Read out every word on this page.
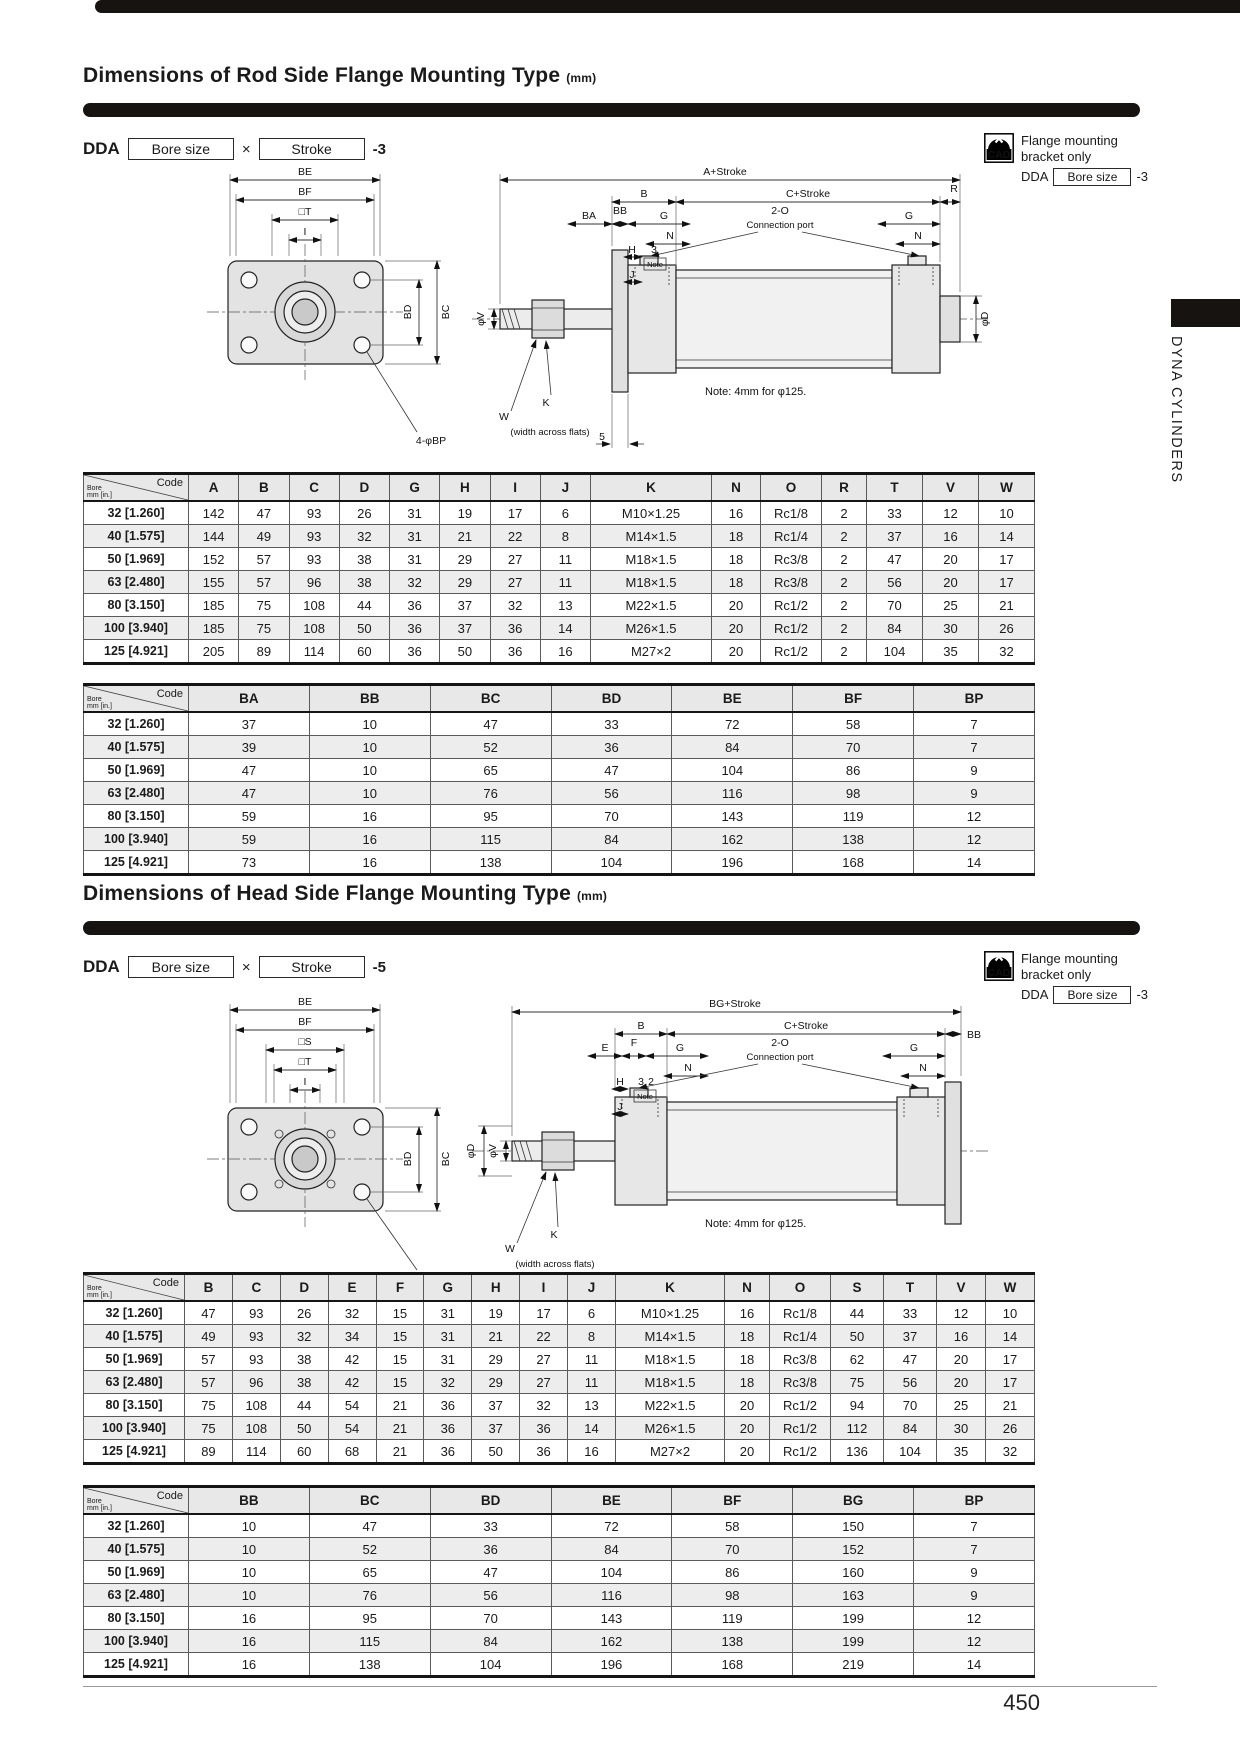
DYNA CYLINDERS
Dimensions of Rod Side Flange Mounting Type (mm)
DDA	Bore size	×	Stroke	-3	CAD
Flange mounting
bracket only
DDA	Bore size	-3
BE
BF
□T
I
BD BC
4-φBP
A+Stroke
B	C+Stroke	R
BA BB	G
N
G
N
2-O
Connection port
H 3
Note
J
φV	φD
K
W
(width across flats) 5
Note: 4mm for φ125.
Code
Bore
mm [in.]	A	B	C	D	G	H	I	J	K	N	O	R	T	V	W
32 [1.260]	142	47	93	26	31	19	17	6	M10×1.25	16	Rc1/8	2	33	12	10
40 [1.575]	144	49	93	32	31	21	22	8	M14×1.5	18	Rc1/4	2	37	16	14
50 [1.969]	152	57	93	38	31	29	27	11	M18×1.5	18	Rc3/8	2	47	20	17
63 [2.480]	155	57	96	38	32	29	27	11	M18×1.5	18	Rc3/8	2	56	20	17
80 [3.150]	185	75	108	44	36	37	32	13	M22×1.5	20	Rc1/2	2	70	25	21
100 [3.940]	185	75	108	50	36	37	36	14	M26×1.5	20	Rc1/2	2	84	30	26
125 [4.921]	205	89	114	60	36	50	36	16	M27×2	20	Rc1/2	2	104	35	32
Code
Bore
mm [in.]	BA	BB	BC	BD	BE	BF	BP
32 [1.260]	37	10	47	33	72	58	7
40 [1.575]	39	10	52	36	84	70	7
50 [1.969]	47	10	65	47	104	86	9
63 [2.480]	47	10	76	56	116	98	9
80 [3.150]	59	16	95	70	143	119	12
100 [3.940]	59	16	115	84	162	138	12
125 [4.921]	73	16	138	104	196	168	14
Dimensions of Head Side Flange Mounting Type (mm)
DDA	Bore size	×	Stroke	-5	CAD
Flange mounting
bracket only
DDA	Bore size	-3
BE
BF
□S
□T
I
BD BC
BG+Stroke
B	C+Stroke
BB
E F	G
N
G
N
2-O
Connection port
H 3 2
Note
J
φD φV
K
W
(width across flats)
Note: 4mm for φ125.
Code
Bore
mm [in.]	B	C	D	E	F	G	H	I	J	K	N	O	S	T	V	W
32 [1.260]	47	93	26	32	15	31	19	17	6	M10×1.25	16	Rc1/8	44	33	12	10
40 [1.575]	49	93	32	34	15	31	21	22	8	M14×1.5	18	Rc1/4	50	37	16	14
50 [1.969]	57	93	38	42	15	31	29	27	11	M18×1.5	18	Rc3/8	62	47	20	17
63 [2.480]	57	96	38	42	15	32	29	27	11	M18×1.5	18	Rc3/8	75	56	20	17
80 [3.150]	75	108	44	54	21	36	37	32	13	M22×1.5	20	Rc1/2	94	70	25	21
100 [3.940]	75	108	50	54	21	36	37	36	14	M26×1.5	20	Rc1/2	112	84	30	26
125 [4.921]	89	114	60	68	21	36	50	36	16	M27×2	20	Rc1/2	136	104	35	32
Code
Bore
mm [in.]	BB	BC	BD	BE	BF	BG	BP
32 [1.260]	10	47	33	72	58	150	7
40 [1.575]	10	52	36	84	70	152	7
50 [1.969]	10	65	47	104	86	160	9
63 [2.480]	10	76	56	116	98	163	9
80 [3.150]	16	95	70	143	119	199	12
100 [3.940]	16	115	84	162	138	199	12
125 [4.921]	16	138	104	196	168	219	14
450
